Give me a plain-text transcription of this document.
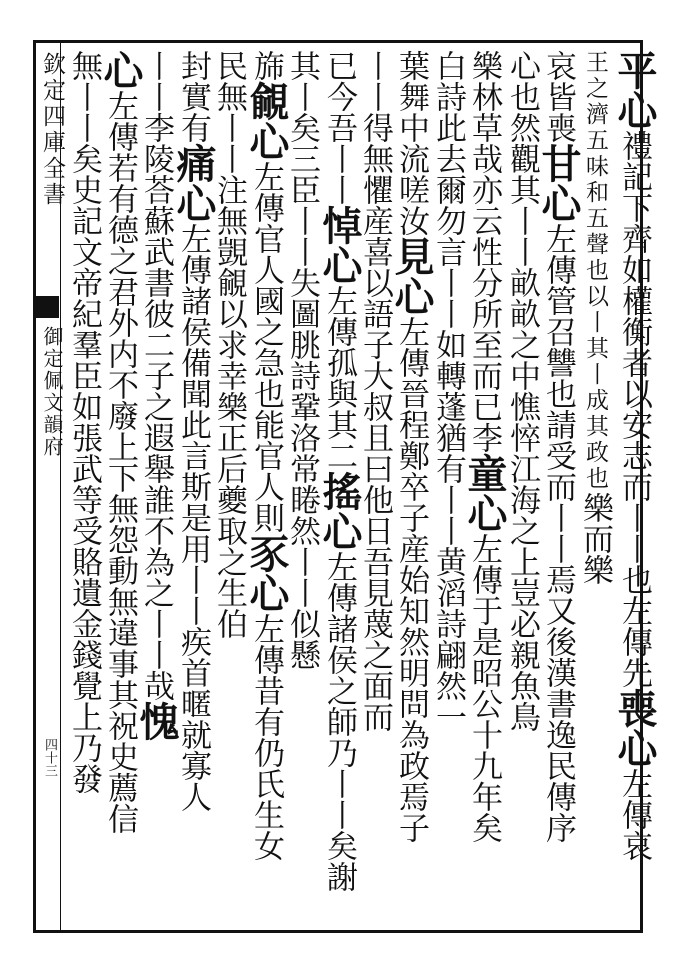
欽定四庫全書
御定佩文韻府
四十三
平心禮記下齊如權衡者以安志而丨丨也左傳先喪心左傳哀
王之濟五味和五聲也以丨其丨成其政也樂而樂
哀皆喪甘心左傳管召讐也請受而丨丨焉又後漢書逸民傳序
心也然觀其丨丨畝畝之中憔悴江海之上豈必親魚鳥
樂林草哉亦云性分所至而已李童心左傳于是昭公十九年矣
白詩此去爾勿言丨丨如轉蓬猶有丨丨黄滔詩翩然一
葉舞中流嗟汝見心左傳晉程鄭卒子産始知然明問為政焉子
丨丨得無懼産喜以語子大叔且曰他日吾見蔑之面而
已今吾丨丨悼心左傳孤與其二搖心左傳諸侯之師乃丨丨矣謝
其丨矣三臣丨丨失圖朓詩鞏洛常睠然丨丨似懸
旆覦心左傳官人國之急也能官人則豕心左傳昔有仍氏生女
民無丨丨注無覬覦以求幸樂正后夔取之生伯
封實有痛心左傳諸侯備聞此言斯是用丨丨疾首暱就寡人
丨丨李陵荅蘇武書彼二子之遐舉誰不為之丨丨哉愧
心左傳若有德之君外内不廢上下無怨動無違事其祝史薦信
無丨丨矣史記文帝紀羣臣如張武等受賂遺金錢覺上乃發
